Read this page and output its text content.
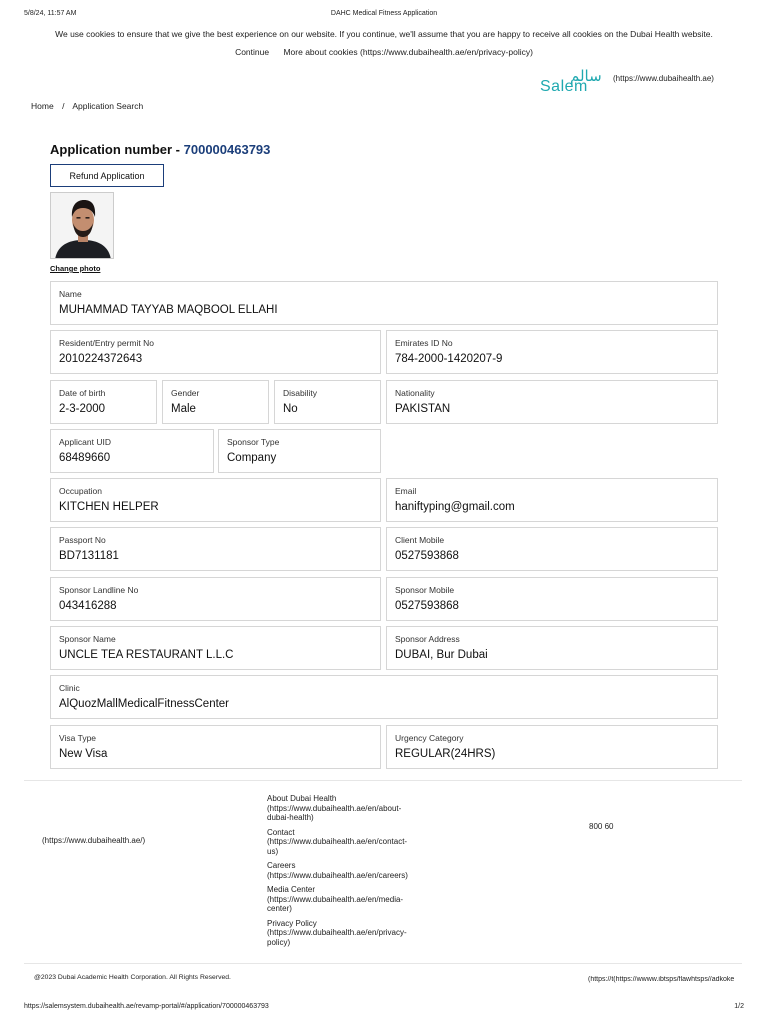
5/8/24, 11:57 AM	DAHC Medical Fitness Application
We use cookies to ensure that we give the best experience on our website. If you continue, we'll assume that you are happy to receive all cookies on the Dubai Health website.
Continue More about cookies (https://www.dubaihealth.ae/en/privacy-policy)
سالم
Salem	(https://www.dubaihealth.ae)
Home / Application Search
Application number - 700000463793
Refund Application
Change photo
Name
MUHAMMAD TAYYAB MAQBOOL ELLAHI
Resident/Entry permit No
2010224372643
Emirates ID No
784-2000-1420207-9
Date of birth
2-3-2000
Gender
Male
Disability
No
Nationality
PAKISTAN
Applicant UID
68489660
Sponsor Type
Company
Occupation
KITCHEN HELPER
Email
haniftyping@gmail.com
Passport No
BD7131181
Client Mobile
0527593868
Sponsor Landline No
043416288
Sponsor Mobile
0527593868
Sponsor Name
UNCLE TEA RESTAURANT L.L.C
Sponsor Address
DUBAI, Bur Dubai
Clinic
AlQuozMallMedicalFitnessCenter
Visa Type
New Visa
Urgency Category
REGULAR(24HRS)
(https://www.dubaihealth.ae/)
About Dubai Health
(https://www.dubaihealth.ae/en/about-
dubai-health)
Contact
(https://www.dubaihealth.ae/en/contact-
us)
Careers
(https://www.dubaihealth.ae/en/careers)
Media Center
(https://www.dubaihealth.ae/en/media-
center)
Privacy Policy
(https://www.dubaihealth.ae/en/privacy-
policy)
800 60
@2023 Dubai Academic Health Corporation. All Rights Reserved.	(https://t(https://wwww.ibtsps/flawhtsps//adkoke
https://salemsystem.dubaihealth.ae/revamp-portal/#/application/700000463793	1/2
